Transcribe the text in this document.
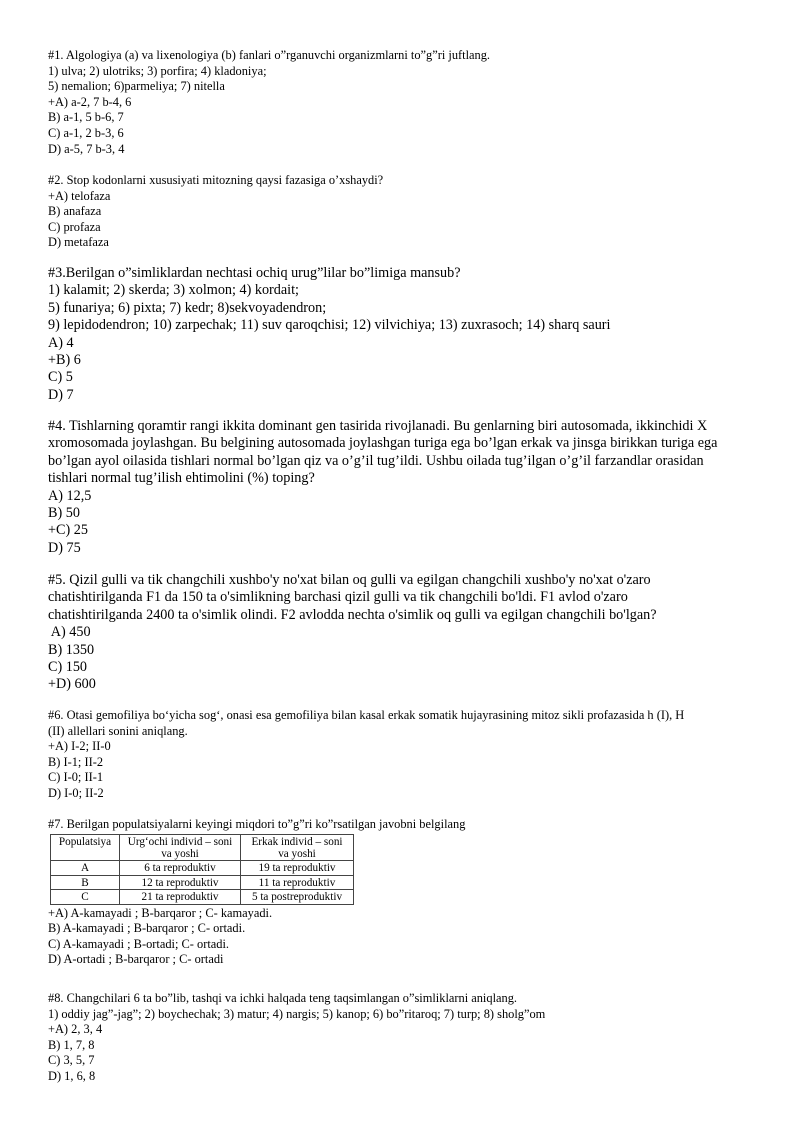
#1. Algologiya (a) va lixenologiya (b) fanlari o”rganuvchi organizmlarni to”g”ri juftlang.
1) ulva; 2) ulotriks; 3) porfira; 4) kladoniya;
5) nemalion; 6)parmeliya; 7) nitella
+A) a-2, 7 b-4, 6
B) a-1, 5 b-6, 7
C) a-1, 2 b-3, 6
D) a-5, 7 b-3, 4
#2. Stop kodonlarni xususiyati mitozning qaysi fazasiga o’xshaydi?
+A) telofaza
B) anafaza
C) profaza
D) metafaza
#3.Berilgan o”simliklardan nechtasi ochiq urug”lilar bo”limiga mansub?
1) kalamit; 2) skerda; 3) xolmon; 4) kordait;
5) funariya; 6) pixta; 7) kedr; 8)sekvoyadendron;
9) lepidodendron; 10) zarpechak; 11) suv qaroqchisi; 12) vilvichiya; 13) zuxrasoch; 14) sharq sauri
A) 4
+B) 6
C) 5
D) 7
#4. Tishlarning qoramtir rangi ikkita dominant gen tasirida rivojlanadi. Bu genlarning biri autosomada, ikkinchidi X
xromosomada joylashgan. Bu belgining autosomada joylashgan turiga ega bo’lgan erkak va jinsga birikkan turiga ega
bo’lgan ayol oilasida tishlari normal bo’lgan qiz va o’g’il tug’ildi. Ushbu oilada tug’ilgan o’g’il farzandlar orasidan
tishlari normal tug’ilish ehtimolini (%) toping?
A) 12,5
B) 50
+C) 25
D) 75
#5. Qizil gulli va tik changchili xushbo'y no'xat bilan oq gulli va egilgan changchili xushbo'y no'xat o'zaro
chatishtirilganda F1 da 150 ta o'simlikning barchasi qizil gulli va tik changchili bo'ldi. F1 avlod o'zaro
chatishtirilganda 2400 ta o'simlik olindi. F2 avlodda nechta o'simlik oq gulli va egilgan changchili bo'lgan?
A) 450
B) 1350
C) 150
+D) 600
#6. Otasi gemofiliya bo‘yicha sog‘, onasi esa gemofiliya bilan kasal erkak somatik hujayrasining mitoz sikli profazasida h (I), H
(II) allellari sonini aniqlang.
+A) I-2; II-0
B) I-1; II-2
C) I-0; II-1
D) I-0; II-2
#7. Berilgan populatsiyalarni keyingi miqdori to”g”ri ko”rsatilgan javobni belgilang
Populatsiya	Urg‘ochi individ – soni va yoshi	Erkak individ – soni va yoshi
A	6 ta reproduktiv	19 ta reproduktiv
B	12 ta reproduktiv	11 ta reproduktiv
C	21 ta reproduktiv	5 ta postreproduktiv
+A) A-kamayadi ; B-barqaror ; C- kamayadi.
B) A-kamayadi ; B-barqaror ; C- ortadi.
C) A-kamayadi ; B-ortadi; C- ortadi.
D) A-ortadi ; B-barqaror ; C- ortadi
#8. Changchilari 6 ta bo”lib, tashqi va ichki halqada teng taqsimlangan o”simliklarni aniqlang.
1) oddiy jag”-jag”; 2) boychechak; 3) matur; 4) nargis; 5) kanop; 6) bo”ritaroq; 7) turp; 8) sholg”om
+A) 2, 3, 4
B) 1, 7, 8
C) 3, 5, 7
D) 1, 6, 8
